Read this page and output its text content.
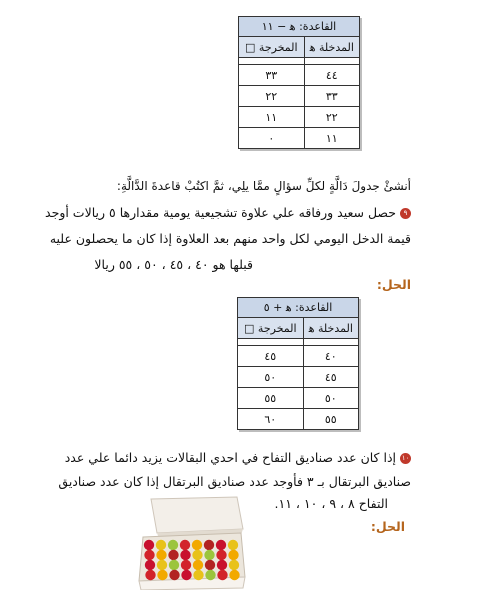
القاعدة: ﻫ − ١١	
المدخلة ﻫ	المخرجة □

٤٤	٣٣
٣٣	٢٢
٢٢	١١
١١	٠
أنشئْ جدولَ دَالَّةٍ لكلِّ سؤالٍ ممَّا يلِي، ثمَّ اكتُبْ قاعدةَ الدَّالَّةِ:
٩حصل سعيد ورفاقه علي علاوة تشجيعية يومية مقدارها ٥ ريالات أوجد
قيمة الدخل اليومي لكل واحد منهم بعد العلاوة إذا كان ما يحصلون عليه
قبلها هو ٤٠ ، ٤٥ ، ٥٠ ، ٥٥ ريالا
الحل:
القاعدة: ﻫ + ٥	
المدخلة ﻫ	المخرجة □

٤٠	٤٥
٤٥	٥٠
٥٠	٥٥
٥٥	٦٠
١٠إذا كان عدد صناديق التفاح في احدي البقالات يزيد دائما علي عدد
صناديق البرتقال بـ ٣ فأوجد عدد صناديق البرتقال إذا كان عدد صناديق
التفاح ٨ ، ٩ ، ١٠ ، ١١.
الحل:
